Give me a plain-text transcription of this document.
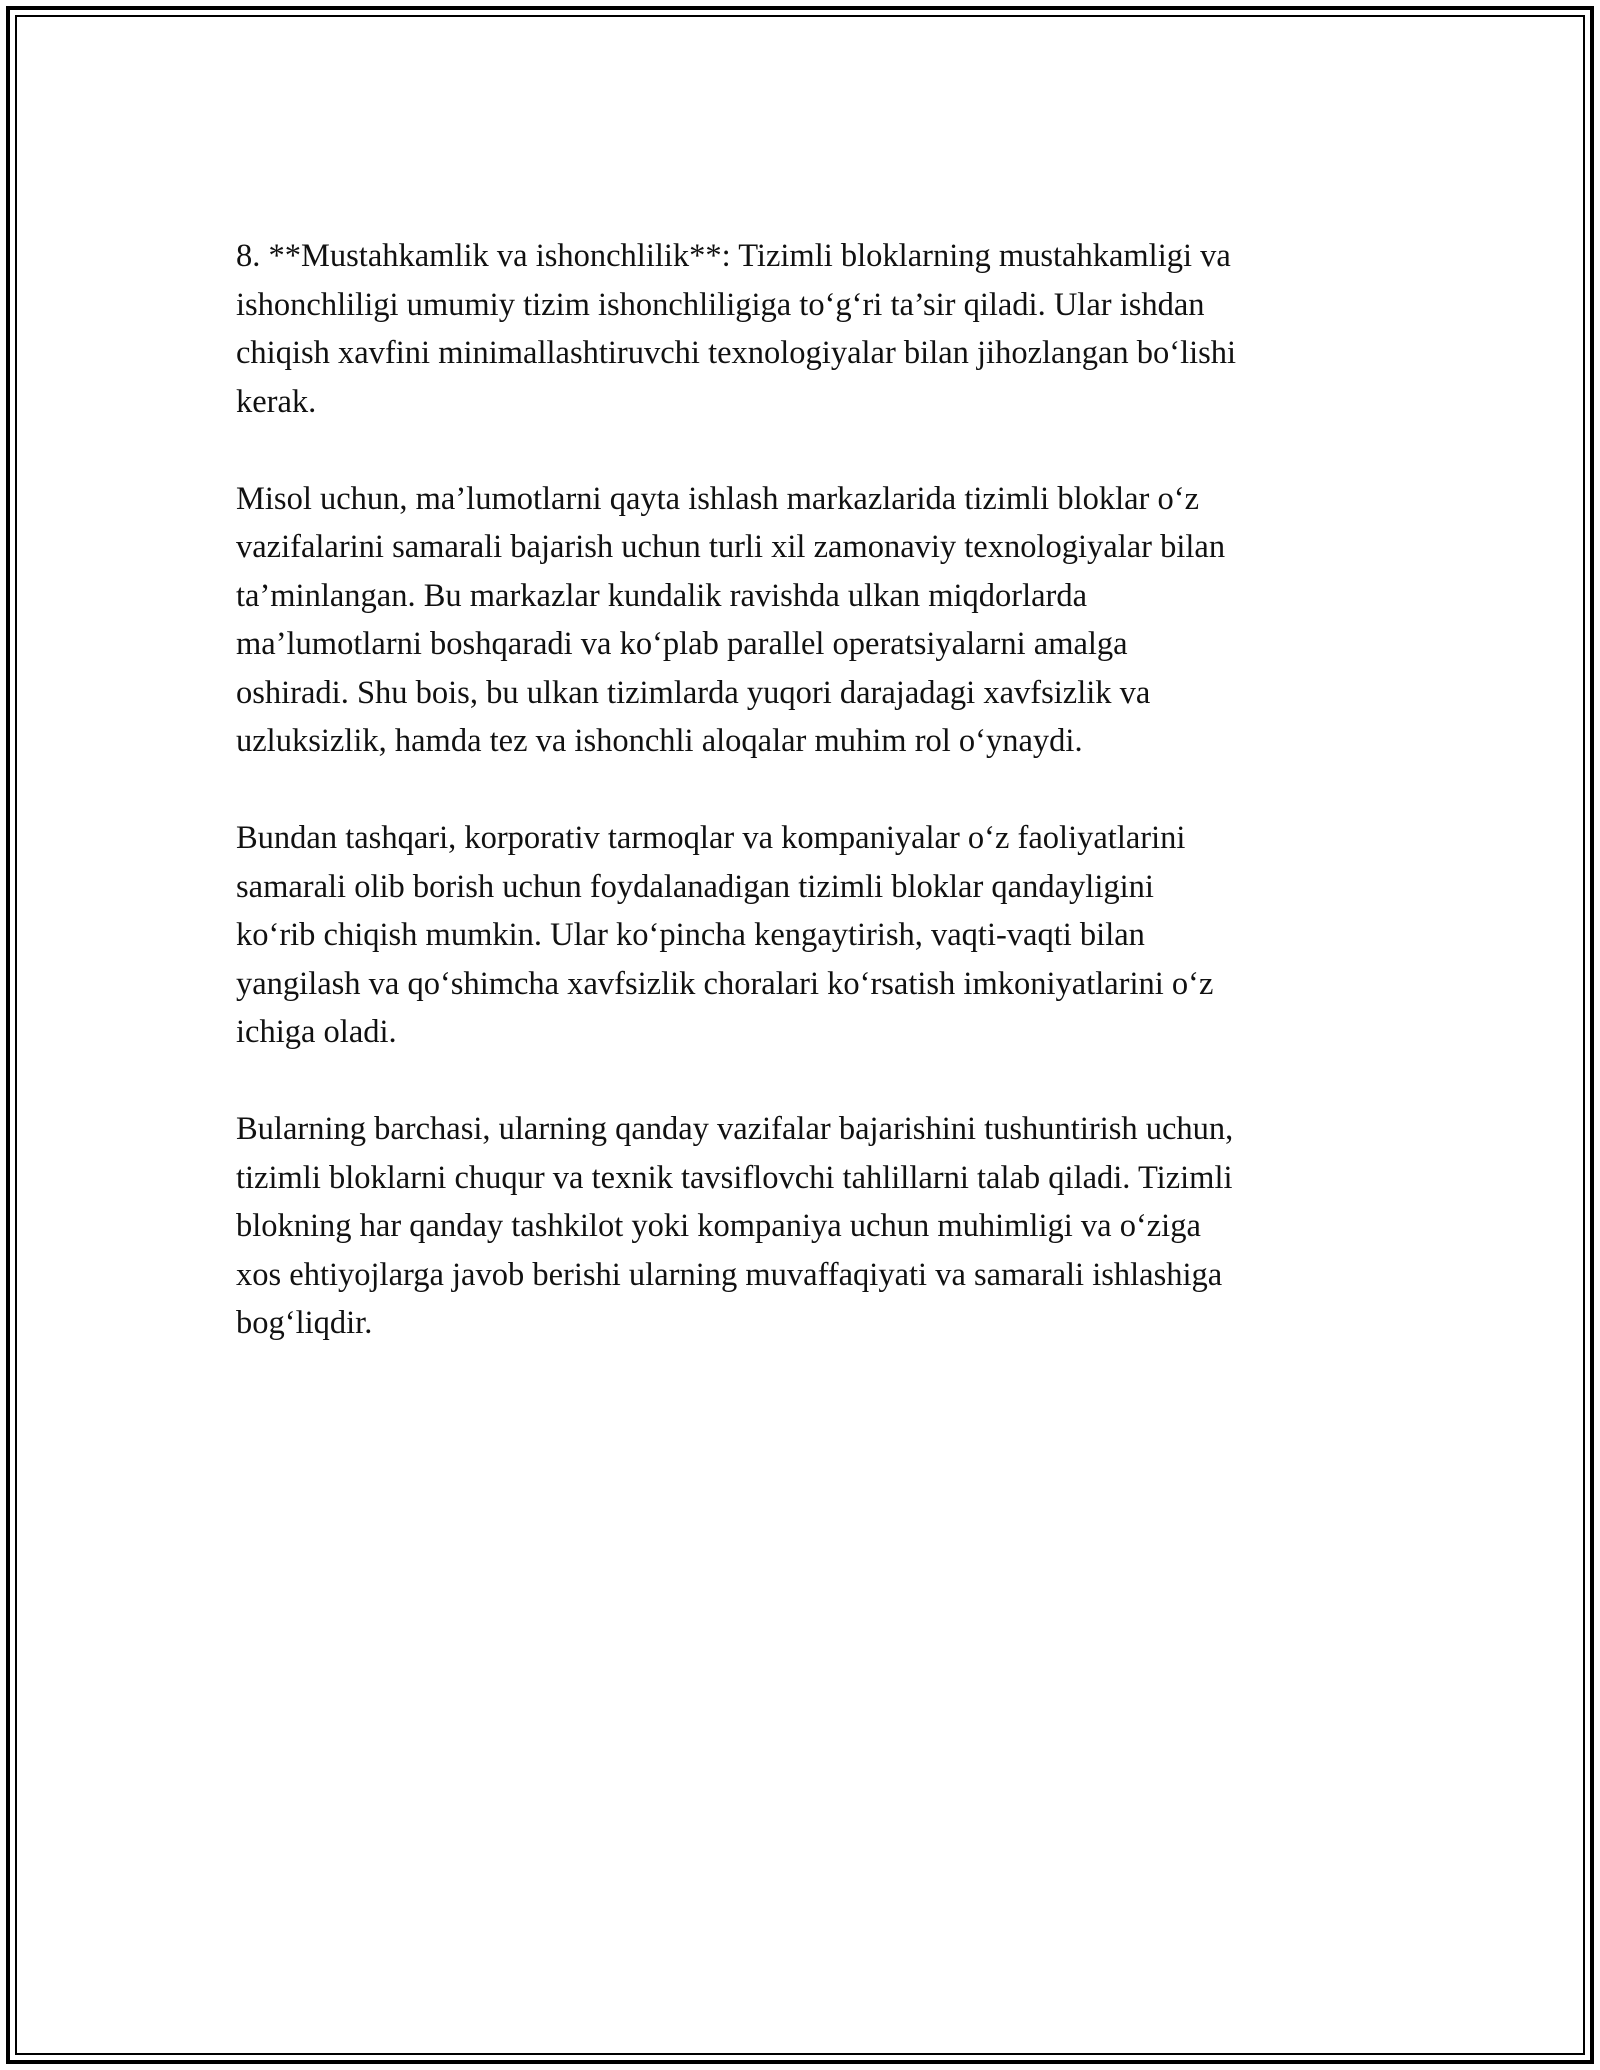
8. **Mustahkamlik va ishonchlilik**: Tizimli bloklarning mustahkamligi va
ishonchliligi umumiy tizim ishonchliligiga to‘g‘ri ta’sir qiladi. Ular ishdan
chiqish xavfini minimallashtiruvchi texnologiyalar bilan jihozlangan bo‘lishi
kerak.

Misol uchun, ma’lumotlarni qayta ishlash markazlarida tizimli bloklar o‘z
vazifalarini samarali bajarish uchun turli xil zamonaviy texnologiyalar bilan
ta’minlangan. Bu markazlar kundalik ravishda ulkan miqdorlarda
ma’lumotlarni boshqaradi va ko‘plab parallel operatsiyalarni amalga
oshiradi. Shu bois, bu ulkan tizimlarda yuqori darajadagi xavfsizlik va
uzluksizlik, hamda tez va ishonchli aloqalar muhim rol o‘ynaydi.

Bundan tashqari, korporativ tarmoqlar va kompaniyalar o‘z faoliyatlarini
samarali olib borish uchun foydalanadigan tizimli bloklar qandayligini
ko‘rib chiqish mumkin. Ular ko‘pincha kengaytirish, vaqti-vaqti bilan
yangilash va qo‘shimcha xavfsizlik choralari ko‘rsatish imkoniyatlarini o‘z
ichiga oladi.

Bularning barchasi, ularning qanday vazifalar bajarishini tushuntirish uchun,
tizimli bloklarni chuqur va texnik tavsiflovchi tahlillarni talab qiladi. Tizimli
blokning har qanday tashkilot yoki kompaniya uchun muhimligi va o‘ziga
xos ehtiyojlarga javob berishi ularning muvaffaqiyati va samarali ishlashiga
bog‘liqdir.
